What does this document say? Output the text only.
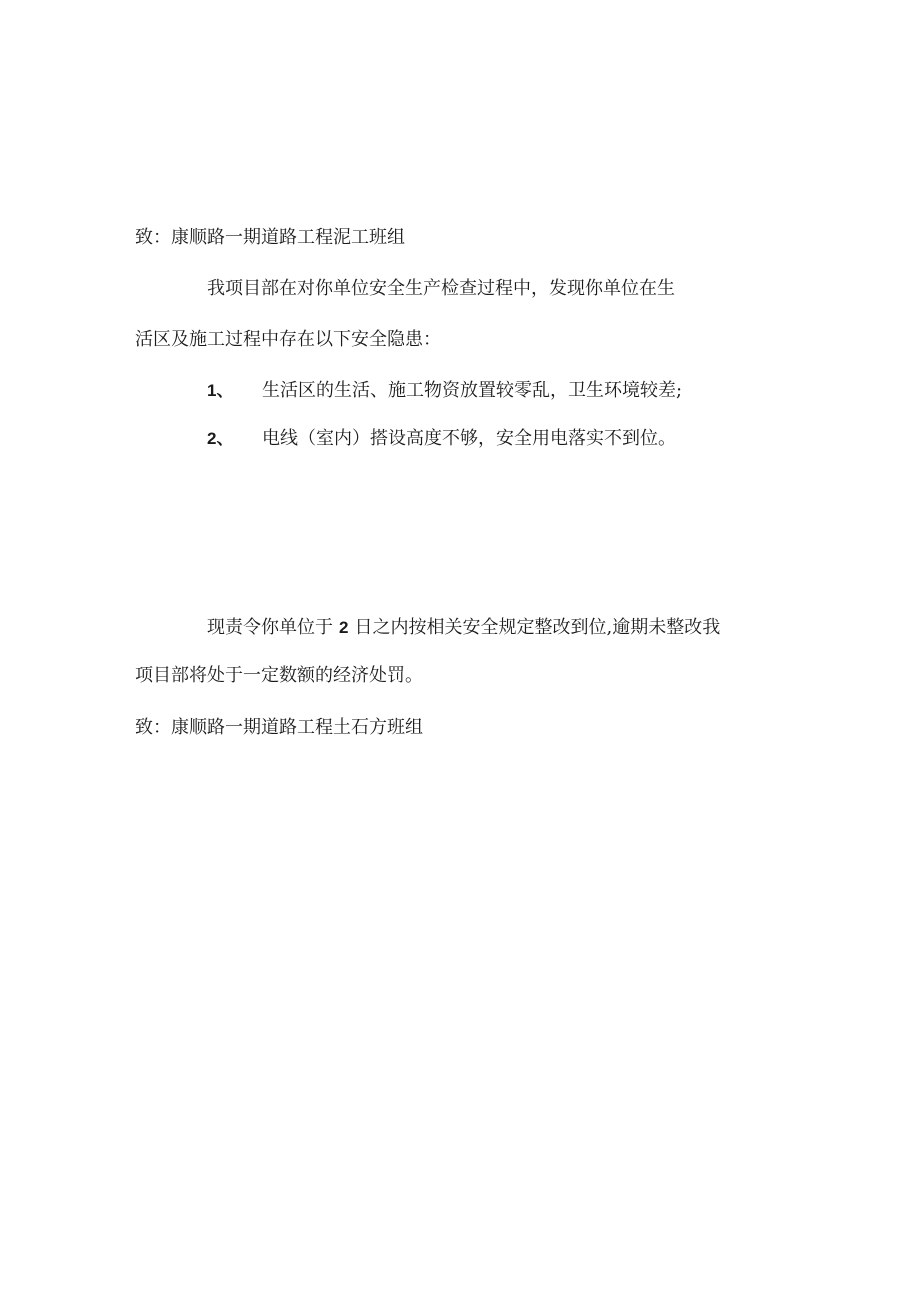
致：康顺路一期道路工程泥工班组
我项目部在对你单位安全生产检查过程中，发现你单位在生
活区及施工过程中存在以下安全隐患：
1、 生活区的生活、施工物资放置较零乱，卫生环境较差;
2、 电线（室内）搭设高度不够，安全用电落实不到位。
现责令你单位于 2 日之内按相关安全规定整改到位,逾期未整改我
项目部将处于一定数额的经济处罚。
致：康顺路一期道路工程土石方班组
